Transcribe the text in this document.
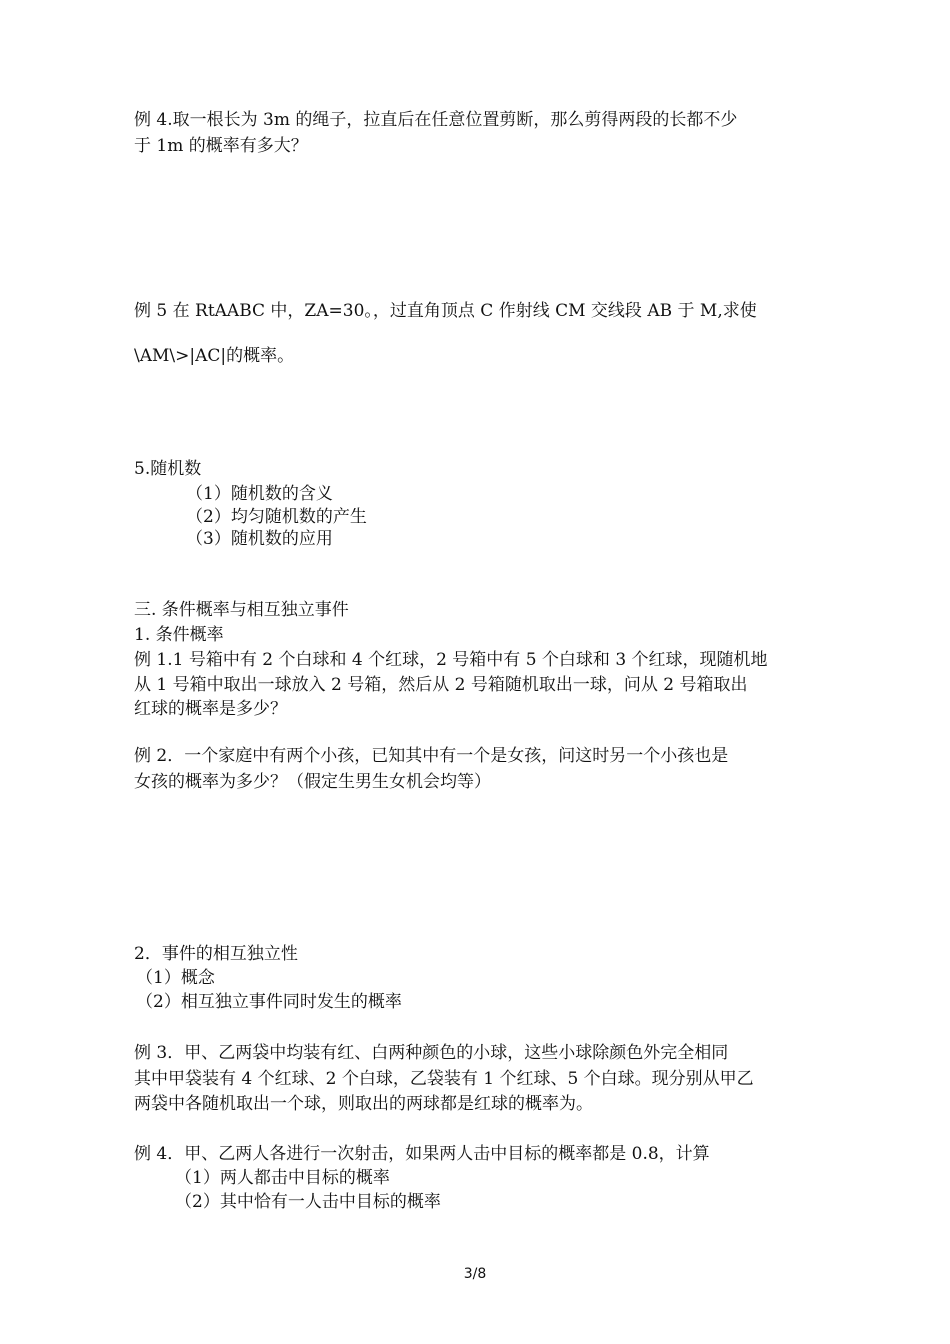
例 4.取一根长为 3m 的绳子，拉直后在任意位置剪断，那么剪得两段的长都不少
于 1m 的概率有多大？
例 5 在 RtAABC 中，ZA=30。，过直角顶点 C 作射线 CM 交线段 AB 于 M,求使
\AM\>|AC|的概率。
5.随机数
（1）随机数的含义
（2）均匀随机数的产生
（3）随机数的应用
三. 条件概率与相互独立事件
1. 条件概率
例 1.1 号箱中有 2 个白球和 4 个红球，2 号箱中有 5 个白球和 3 个红球，现随机地
从 1 号箱中取出一球放入 2 号箱，然后从 2 号箱随机取出一球，问从 2 号箱取出
红球的概率是多少？
例 2．一个家庭中有两个小孩，已知其中有一个是女孩，问这时另一个小孩也是
女孩的概率为多少？（假定生男生女机会均等）
2．事件的相互独立性
（1）概念
（2）相互独立事件同时发生的概率
例 3．甲、乙两袋中均装有红、白两种颜色的小球，这些小球除颜色外完全相同
其中甲袋装有 4 个红球、2 个白球，乙袋装有 1 个红球、5 个白球。现分别从甲乙
两袋中各随机取出一个球，则取出的两球都是红球的概率为。
例 4．甲、乙两人各进行一次射击，如果两人击中目标的概率都是 0.8，计算
（1）两人都击中目标的概率
（2）其中恰有一人击中目标的概率
3/8
